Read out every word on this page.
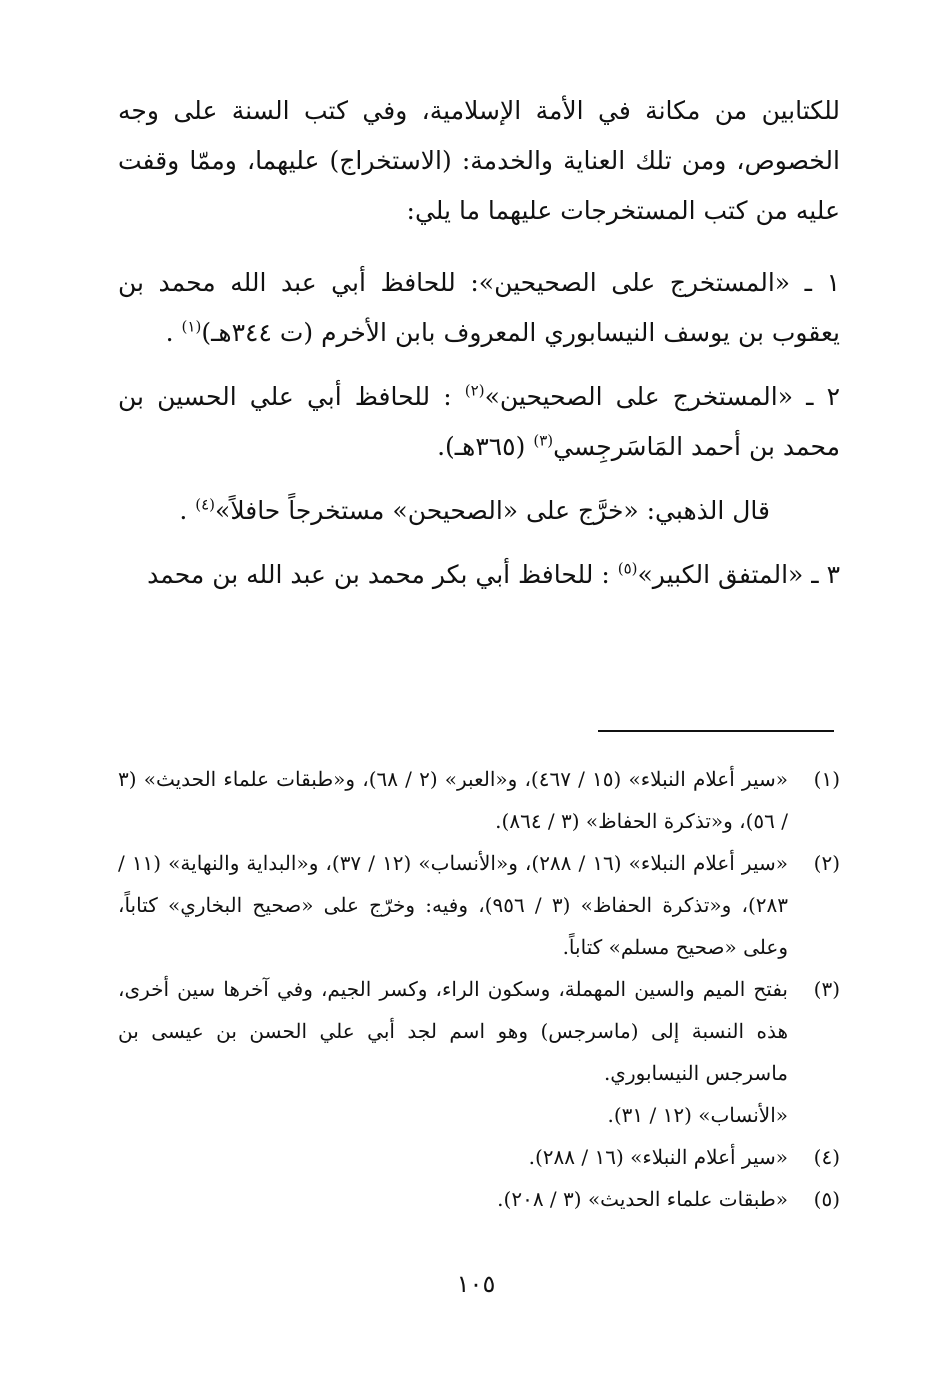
للكتابين من مكانة في الأمة الإسلامية، وفي كتب السنة على وجه الخصوص، ومن تلك العناية والخدمة: (الاستخراج) عليهما، وممّا وقفت عليه من كتب المستخرجات عليهما ما يلي:

١ ـ «المستخرج على الصحيحين»: للحافظ أبي عبد الله محمد بن يعقوب بن يوسف النيسابوري المعروف بابن الأخرم (ت ٣٤٤هـ)$^{(١)}$ .

٢ ـ «المستخرج على الصحيحين»$^{(٢)}$ : للحافظ أبي علي الحسين بن محمد بن أحمد المَاسَرجِسي$^{(٣)}$ (٣٦٥هـ).

قال الذهبي: «خرَّج على «الصحيحن» مستخرجاً حافلاً»$^{(٤)}$ .

٣ ـ «المتفق الكبير»$^{(٥)}$ : للحافظ أبي بكر محمد بن عبد الله بن محمد

(١)
«سير أعلام النبلاء» (١٥ / ٤٦٧)، و«العبر» (٢ / ٦٨)، و«طبقات علماء الحديث» (٣ / ٥٦)، و«تذكرة الحفاظ» (٣ / ٨٦٤).
(٢)
«سير أعلام النبلاء» (١٦ / ٢٨٨)، و«الأنساب» (١٢ / ٣٧)، و«البداية والنهاية» (١١ / ٢٨٣)، و«تذكرة الحفاظ» (٣ / ٩٥٦)، وفيه: وخرّج على «صحيح البخاري» كتاباً، وعلى «صحيح مسلم» كتاباً.
(٣)
بفتح الميم والسين المهملة، وسكون الراء، وكسر الجيم، وفي آخرها سين أخرى، هذه النسبة إلى (ماسرجس) وهو اسم لجد أبي علي الحسن بن عيسى بن ماسرجس النيسابوري.
«الأنساب» (١٢ / ٣١).
(٤)
«سير أعلام النبلاء» (١٦ / ٢٨٨).
(٥)
«طبقات علماء الحديث» (٣ / ٢٠٨).
١٠٥
